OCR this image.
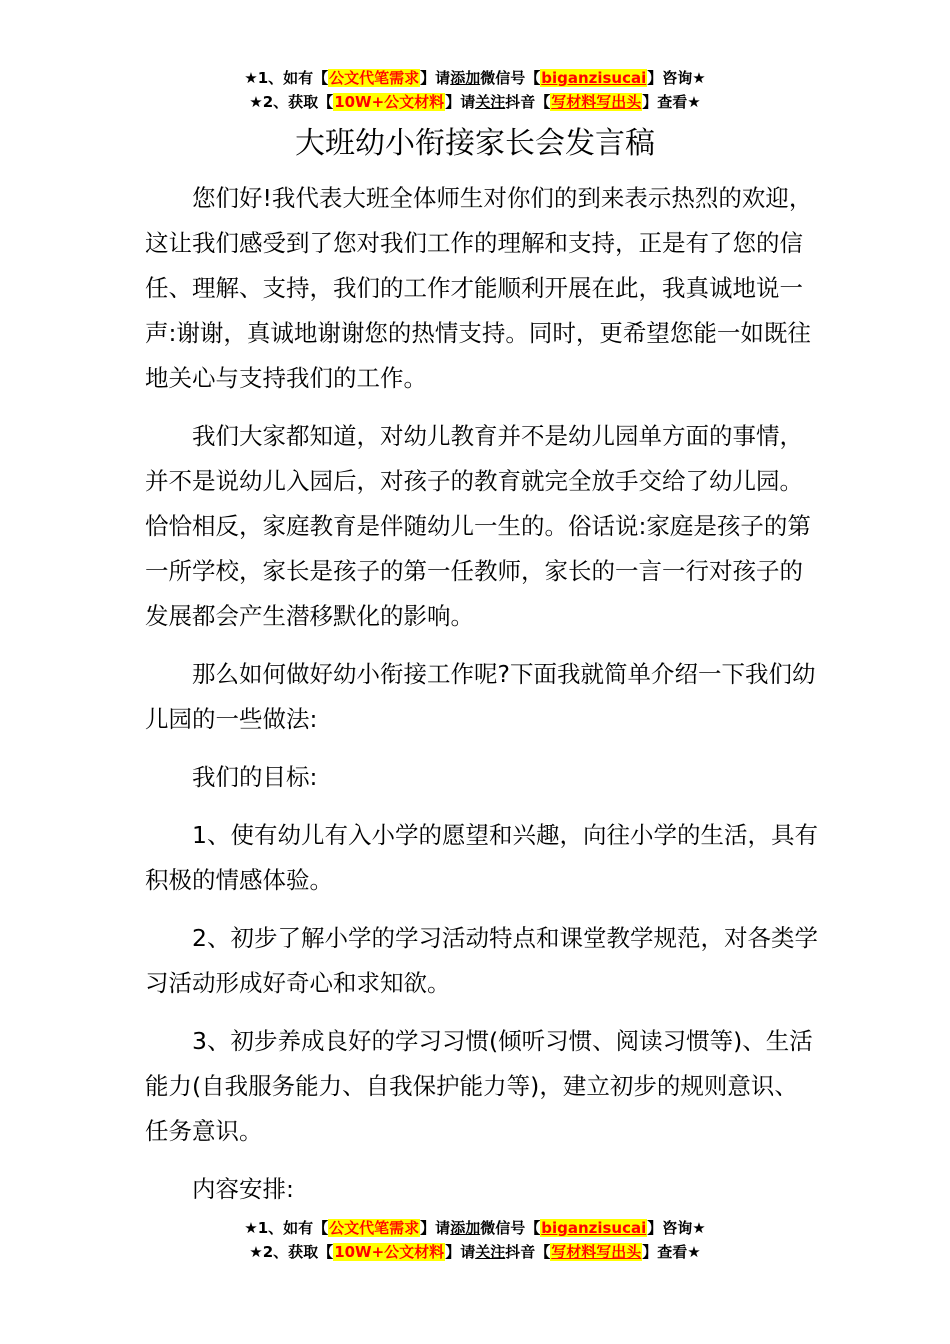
★1、如有【公文代笔需求】请添加微信号【biganzisucai】咨询★
★2、获取【10W+公文材料】请关注抖音【写材料写出头】查看★
大班幼小衔接家长会发言稿

您们好!我代表大班全体师生对你们的到来表示热烈的欢迎，这让我们感受到了您对我们工作的理解和支持，正是有了您的信任、理解、支持，我们的工作才能顺利开展在此，我真诚地说一声:谢谢，真诚地谢谢您的热情支持。同时，更希望您能一如既往地关心与支持我们的工作。

我们大家都知道，对幼儿教育并不是幼儿园单方面的事情，并不是说幼儿入园后，对孩子的教育就完全放手交给了幼儿园。恰恰相反，家庭教育是伴随幼儿一生的。俗话说:家庭是孩子的第一所学校，家长是孩子的第一任教师，家长的一言一行对孩子的发展都会产生潜移默化的影响。

那么如何做好幼小衔接工作呢?下面我就简单介绍一下我们幼儿园的一些做法:

我们的目标:

1、使有幼儿有入小学的愿望和兴趣，向往小学的生活，具有积极的情感体验。

2、初步了解小学的学习活动特点和课堂教学规范，对各类学习活动形成好奇心和求知欲。

3、初步养成良好的学习习惯(倾听习惯、阅读习惯等)、生活能力(自我服务能力、自我保护能力等)，建立初步的规则意识、任务意识。

内容安排:

★1、如有【公文代笔需求】请添加微信号【biganzisucai】咨询★
★2、获取【10W+公文材料】请关注抖音【写材料写出头】查看★
